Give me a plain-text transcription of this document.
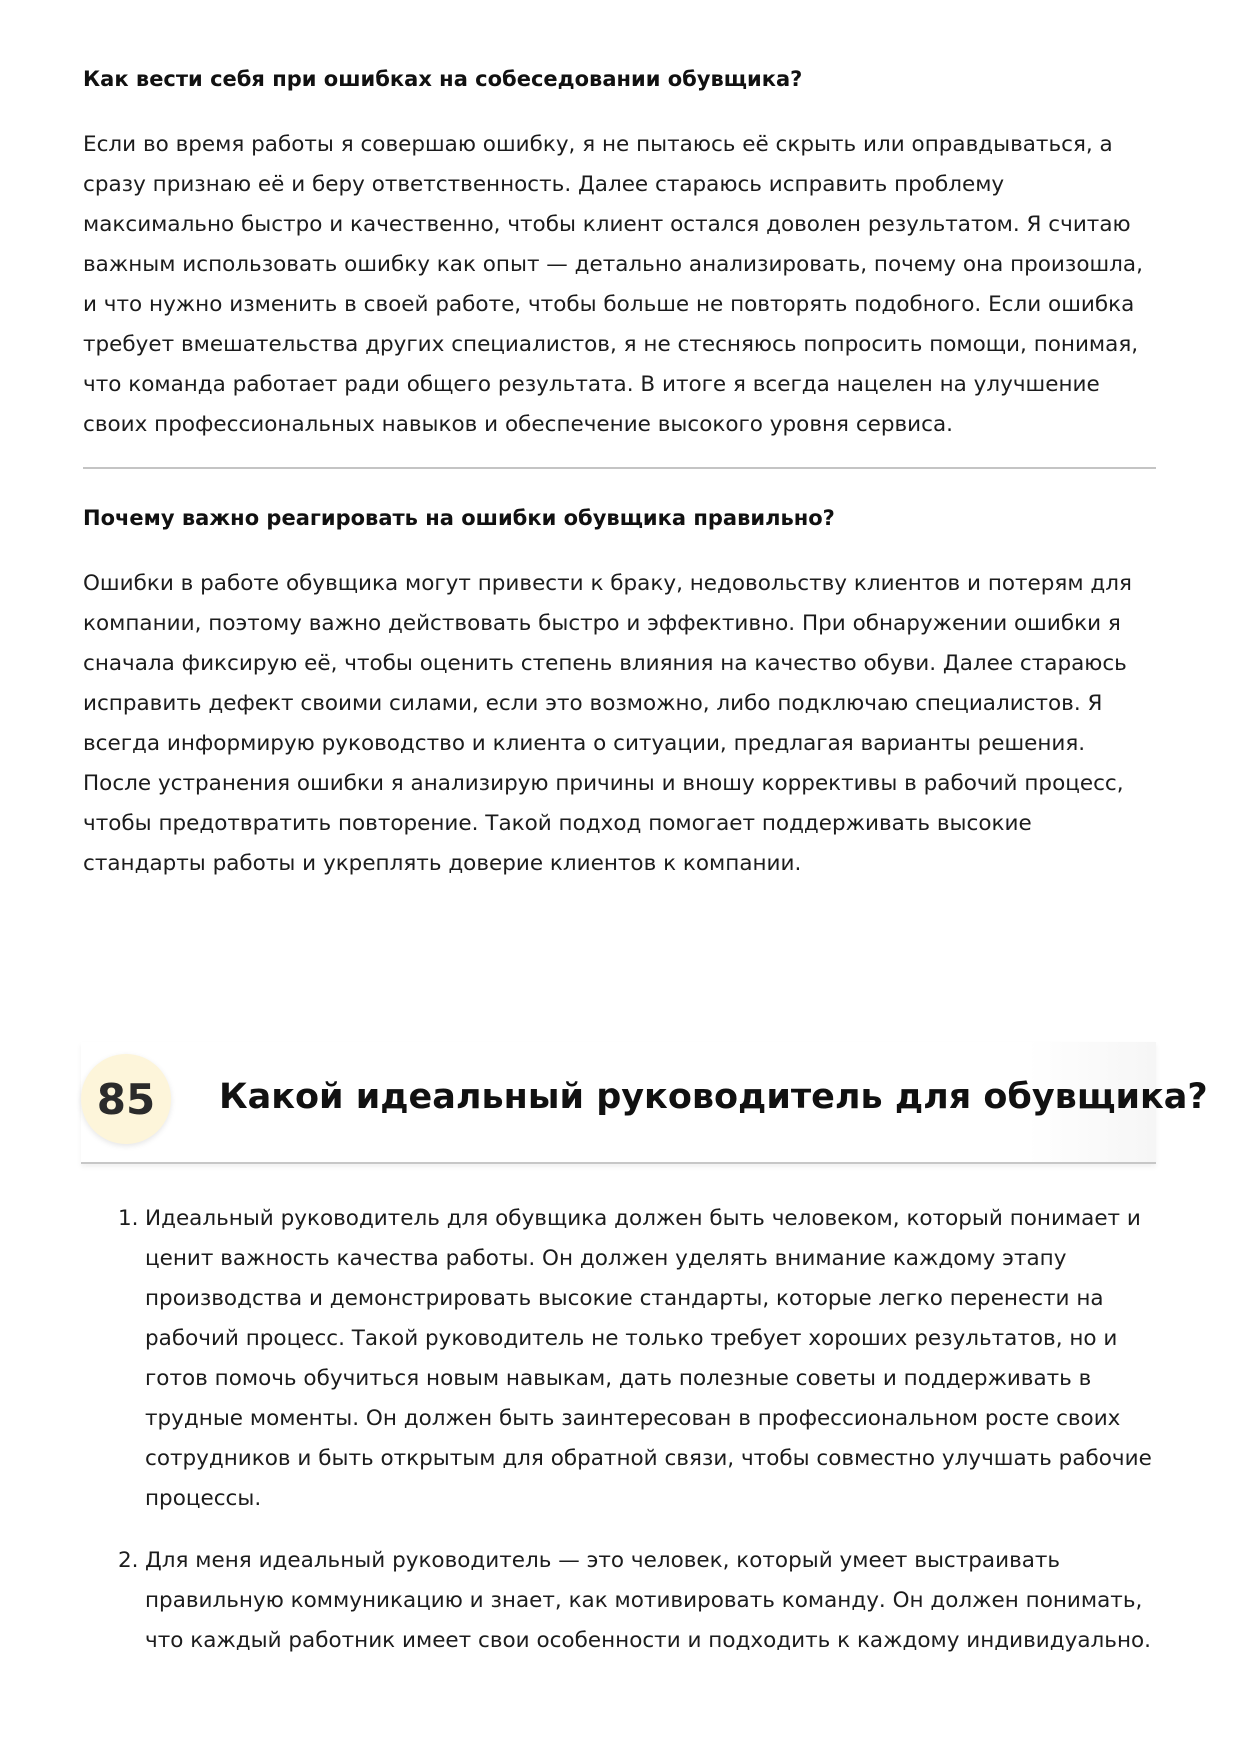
Как вести себя при ошибках на собеседовании обувщика?

Если во время работы я совершаю ошибку, я не пытаюсь её скрыть или оправдываться, а сразу признаю её и беру ответственность. Далее стараюсь исправить проблему максимально быстро и качественно, чтобы клиент остался доволен результатом. Я считаю важным использовать ошибку как опыт — детально анализировать, почему она произошла, и что нужно изменить в своей работе, чтобы больше не повторять подобного. Если ошибка требует вмешательства других специалистов, я не стесняюсь попросить помощи, понимая, что команда работает ради общего результата. В итоге я всегда нацелен на улучшение своих профессиональных навыков и обеспечение высокого уровня сервиса.

Почему важно реагировать на ошибки обувщика правильно?

Ошибки в работе обувщика могут привести к браку, недовольству клиентов и потерям для компании, поэтому важно действовать быстро и эффективно. При обнаружении ошибки я сначала фиксирую её, чтобы оценить степень влияния на качество обуви. Далее стараюсь исправить дефект своими силами, если это возможно, либо подключаю специалистов. Я всегда информирую руководство и клиента о ситуации, предлагая варианты решения. После устранения ошибки я анализирую причины и вношу коррективы в рабочий процесс, чтобы предотвратить повторение. Такой подход помогает поддерживать высокие стандарты работы и укреплять доверие клиентов к компании.

85	Какой идеальный руководитель для обувщика?
1. Идеальный руководитель для обувщика должен быть человеком, который понимает и ценит важность качества работы. Он должен уделять внимание каждому этапу производства и демонстрировать высокие стандарты, которые легко перенести на рабочий процесс. Такой руководитель не только требует хороших результатов, но и готов помочь обучиться новым навыкам, дать полезные советы и поддерживать в трудные моменты. Он должен быть заинтересован в профессиональном росте своих сотрудников и быть открытым для обратной связи, чтобы совместно улучшать рабочие процессы.

2. Для меня идеальный руководитель — это человек, который умеет выстраивать правильную коммуникацию и знает, как мотивировать команду. Он должен понимать, что каждый работник имеет свои особенности и подходить к каждому индивидуально.
